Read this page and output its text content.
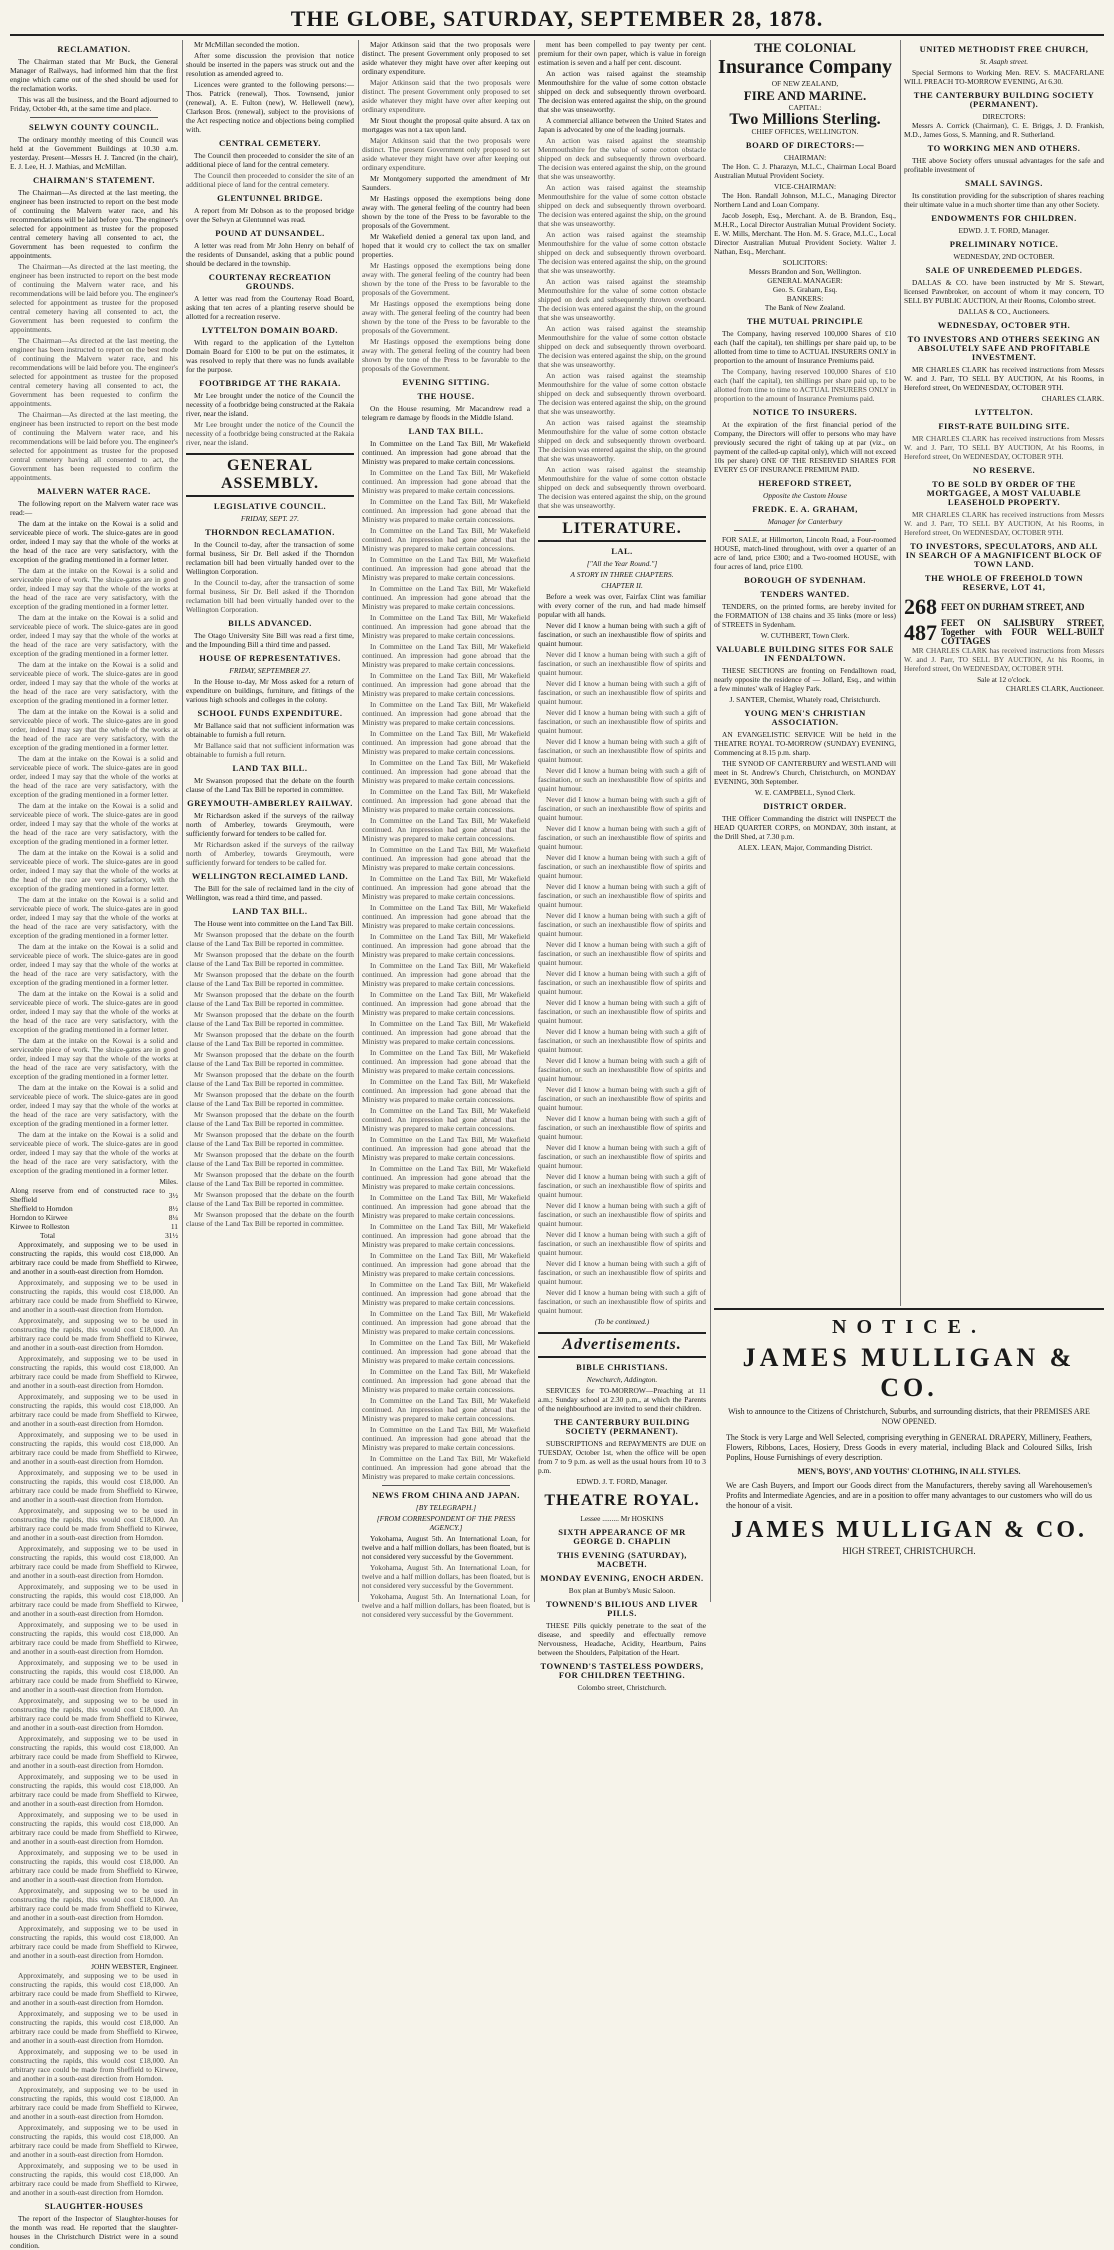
THE GLOBE, SATURDAY, SEPTEMBER 28, 1878.
RECLAMATION.

The Chairman stated that Mr Buck, the General Manager of Railways, had informed him that the first engine which came out of the shed should be used for the reclamation works.

This was all the business, and the Board adjourned to Friday, October 4th, at the same time and place.

SELWYN COUNTY COUNCIL.

The ordinary monthly meeting of this Council was held at the Government Buildings at 10.30 a.m. yesterday. Present—Messrs H. J. Tancred (in the chair), E. J. Lee, H. J. Mathias, and McMillan.

CHAIRMAN'S STATEMENT.

The Chairman—As directed at the last meeting, the engineer has been instructed to report on the best mode of continuing the Malvern water race, and his recommendations will be laid before you. The engineer's selected for appointment as trustee for the proposed central cemetery having all consented to act, the Government has been requested to confirm the appointments.

The Chairman—As directed at the last meeting, the engineer has been instructed to report on the best mode of continuing the Malvern water race, and his recommendations will be laid before you. The engineer's selected for appointment as trustee for the proposed central cemetery having all consented to act, the Government has been requested to confirm the appointments.

The Chairman—As directed at the last meeting, the engineer has been instructed to report on the best mode of continuing the Malvern water race, and his recommendations will be laid before you. The engineer's selected for appointment as trustee for the proposed central cemetery having all consented to act, the Government has been requested to confirm the appointments.

The Chairman—As directed at the last meeting, the engineer has been instructed to report on the best mode of continuing the Malvern water race, and his recommendations will be laid before you. The engineer's selected for appointment as trustee for the proposed central cemetery having all consented to act, the Government has been requested to confirm the appointments.

MALVERN WATER RACE.

The following report on the Malvern water race was read:—

The dam at the intake on the Kowai is a solid and serviceable piece of work. The sluice-gates are in good order, indeed I may say that the whole of the works at the head of the race are very satisfactory, with the exception of the grading mentioned in a former letter.

The dam at the intake on the Kowai is a solid and serviceable piece of work. The sluice-gates are in good order, indeed I may say that the whole of the works at the head of the race are very satisfactory, with the exception of the grading mentioned in a former letter.

The dam at the intake on the Kowai is a solid and serviceable piece of work. The sluice-gates are in good order, indeed I may say that the whole of the works at the head of the race are very satisfactory, with the exception of the grading mentioned in a former letter.

The dam at the intake on the Kowai is a solid and serviceable piece of work. The sluice-gates are in good order, indeed I may say that the whole of the works at the head of the race are very satisfactory, with the exception of the grading mentioned in a former letter.

The dam at the intake on the Kowai is a solid and serviceable piece of work. The sluice-gates are in good order, indeed I may say that the whole of the works at the head of the race are very satisfactory, with the exception of the grading mentioned in a former letter.

The dam at the intake on the Kowai is a solid and serviceable piece of work. The sluice-gates are in good order, indeed I may say that the whole of the works at the head of the race are very satisfactory, with the exception of the grading mentioned in a former letter.

The dam at the intake on the Kowai is a solid and serviceable piece of work. The sluice-gates are in good order, indeed I may say that the whole of the works at the head of the race are very satisfactory, with the exception of the grading mentioned in a former letter.

The dam at the intake on the Kowai is a solid and serviceable piece of work. The sluice-gates are in good order, indeed I may say that the whole of the works at the head of the race are very satisfactory, with the exception of the grading mentioned in a former letter.

The dam at the intake on the Kowai is a solid and serviceable piece of work. The sluice-gates are in good order, indeed I may say that the whole of the works at the head of the race are very satisfactory, with the exception of the grading mentioned in a former letter.

The dam at the intake on the Kowai is a solid and serviceable piece of work. The sluice-gates are in good order, indeed I may say that the whole of the works at the head of the race are very satisfactory, with the exception of the grading mentioned in a former letter.

The dam at the intake on the Kowai is a solid and serviceable piece of work. The sluice-gates are in good order, indeed I may say that the whole of the works at the head of the race are very satisfactory, with the exception of the grading mentioned in a former letter.

The dam at the intake on the Kowai is a solid and serviceable piece of work. The sluice-gates are in good order, indeed I may say that the whole of the works at the head of the race are very satisfactory, with the exception of the grading mentioned in a former letter.

The dam at the intake on the Kowai is a solid and serviceable piece of work. The sluice-gates are in good order, indeed I may say that the whole of the works at the head of the race are very satisfactory, with the exception of the grading mentioned in a former letter.

The dam at the intake on the Kowai is a solid and serviceable piece of work. The sluice-gates are in good order, indeed I may say that the whole of the works at the head of the race are very satisfactory, with the exception of the grading mentioned in a former letter.

Miles.
Along reserve from end of constructed race to Sheffield	3½
Sheffield to Horndon	8½
Horndon to Kirwee	8¼
Kirwee to Rolleston	11
Total	31½

Approximately, and supposing we to be used in constructing the rapids, this would cost £18,000. An arbitrary race could be made from Sheffield to Kirwee, and another in a south-east direction from Horndon.

Approximately, and supposing we to be used in constructing the rapids, this would cost £18,000. An arbitrary race could be made from Sheffield to Kirwee, and another in a south-east direction from Horndon.

Approximately, and supposing we to be used in constructing the rapids, this would cost £18,000. An arbitrary race could be made from Sheffield to Kirwee, and another in a south-east direction from Horndon.

Approximately, and supposing we to be used in constructing the rapids, this would cost £18,000. An arbitrary race could be made from Sheffield to Kirwee, and another in a south-east direction from Horndon.

Approximately, and supposing we to be used in constructing the rapids, this would cost £18,000. An arbitrary race could be made from Sheffield to Kirwee, and another in a south-east direction from Horndon.

Approximately, and supposing we to be used in constructing the rapids, this would cost £18,000. An arbitrary race could be made from Sheffield to Kirwee, and another in a south-east direction from Horndon.

Approximately, and supposing we to be used in constructing the rapids, this would cost £18,000. An arbitrary race could be made from Sheffield to Kirwee, and another in a south-east direction from Horndon.

Approximately, and supposing we to be used in constructing the rapids, this would cost £18,000. An arbitrary race could be made from Sheffield to Kirwee, and another in a south-east direction from Horndon.

Approximately, and supposing we to be used in constructing the rapids, this would cost £18,000. An arbitrary race could be made from Sheffield to Kirwee, and another in a south-east direction from Horndon.

Approximately, and supposing we to be used in constructing the rapids, this would cost £18,000. An arbitrary race could be made from Sheffield to Kirwee, and another in a south-east direction from Horndon.

Approximately, and supposing we to be used in constructing the rapids, this would cost £18,000. An arbitrary race could be made from Sheffield to Kirwee, and another in a south-east direction from Horndon.

Approximately, and supposing we to be used in constructing the rapids, this would cost £18,000. An arbitrary race could be made from Sheffield to Kirwee, and another in a south-east direction from Horndon.

Approximately, and supposing we to be used in constructing the rapids, this would cost £18,000. An arbitrary race could be made from Sheffield to Kirwee, and another in a south-east direction from Horndon.

Approximately, and supposing we to be used in constructing the rapids, this would cost £18,000. An arbitrary race could be made from Sheffield to Kirwee, and another in a south-east direction from Horndon.

Approximately, and supposing we to be used in constructing the rapids, this would cost £18,000. An arbitrary race could be made from Sheffield to Kirwee, and another in a south-east direction from Horndon.

Approximately, and supposing we to be used in constructing the rapids, this would cost £18,000. An arbitrary race could be made from Sheffield to Kirwee, and another in a south-east direction from Horndon.

Approximately, and supposing we to be used in constructing the rapids, this would cost £18,000. An arbitrary race could be made from Sheffield to Kirwee, and another in a south-east direction from Horndon.

Approximately, and supposing we to be used in constructing the rapids, this would cost £18,000. An arbitrary race could be made from Sheffield to Kirwee, and another in a south-east direction from Horndon.

Approximately, and supposing we to be used in constructing the rapids, this would cost £18,000. An arbitrary race could be made from Sheffield to Kirwee, and another in a south-east direction from Horndon.

JOHN WEBSTER, Engineer.

Approximately, and supposing we to be used in constructing the rapids, this would cost £18,000. An arbitrary race could be made from Sheffield to Kirwee, and another in a south-east direction from Horndon.

Approximately, and supposing we to be used in constructing the rapids, this would cost £18,000. An arbitrary race could be made from Sheffield to Kirwee, and another in a south-east direction from Horndon.

Approximately, and supposing we to be used in constructing the rapids, this would cost £18,000. An arbitrary race could be made from Sheffield to Kirwee, and another in a south-east direction from Horndon.

Approximately, and supposing we to be used in constructing the rapids, this would cost £18,000. An arbitrary race could be made from Sheffield to Kirwee, and another in a south-east direction from Horndon.

Approximately, and supposing we to be used in constructing the rapids, this would cost £18,000. An arbitrary race could be made from Sheffield to Kirwee, and another in a south-east direction from Horndon.

Approximately, and supposing we to be used in constructing the rapids, this would cost £18,000. An arbitrary race could be made from Sheffield to Kirwee, and another in a south-east direction from Horndon.

SLAUGHTER-HOUSES

The report of the Inspector of Slaughter-houses for the month was read. He reported that the slaughter-houses in the Christchurch District were in a sound condition.

Mr McMillan seconded the motion.

After some discussion the provision that notice should be inserted in the papers was struck out and the resolution as amended agreed to.

Licences were granted to the following persons:—Thos. Patrick (renewal), Thos. Townsend, junior (renewal), A. E. Fulton (new), W. Hellewell (new), Clarkson Bros. (renewal), subject to the provisions of the Act respecting notice and objections being complied with.

CENTRAL CEMETERY.

The Council then proceeded to consider the site of an additional piece of land for the central cemetery.

The Council then proceeded to consider the site of an additional piece of land for the central cemetery.

GLENTUNNEL BRIDGE.

A report from Mr Dobson as to the proposed bridge over the Selwyn at Glentunnel was read.

POUND AT DUNSANDEL.

A letter was read from Mr John Henry on behalf of the residents of Dunsandel, asking that a public pound should be declared in the township.

COURTENAY RECREATION GROUNDS.

A letter was read from the Courtenay Road Board, asking that ten acres of a planting reserve should be allotted for a recreation reserve.

LYTTELTON DOMAIN BOARD.

With regard to the application of the Lyttelton Domain Board for £100 to be put on the estimates, it was resolved to reply that there was no funds available for the purpose.

FOOTBRIDGE AT THE RAKAIA.

Mr Lee brought under the notice of the Council the necessity of a footbridge being constructed at the Rakaia river, near the island.

Mr Lee brought under the notice of the Council the necessity of a footbridge being constructed at the Rakaia river, near the island.

GENERAL ASSEMBLY.
LEGISLATIVE COUNCIL.
FRIDAY, SEPT. 27.
THORNDON RECLAMATION.

In the Council to-day, after the transaction of some formal business, Sir Dr. Bell asked if the Thorndon reclamation bill had been virtually handed over to the Wellington Corporation.

In the Council to-day, after the transaction of some formal business, Sir Dr. Bell asked if the Thorndon reclamation bill had been virtually handed over to the Wellington Corporation.

BILLS ADVANCED.

The Otago University Site Bill was read a first time, and the Impounding Bill a third time and passed.

HOUSE OF REPRESENTATIVES.
FRIDAY, SEPTEMBER 27.

In the House to-day, Mr Moss asked for a return of expenditure on buildings, furniture, and fittings of the various high schools and colleges in the colony.

SCHOOL FUNDS EXPENDITURE.

Mr Ballance said that not sufficient information was obtainable to furnish a full return.

Mr Ballance said that not sufficient information was obtainable to furnish a full return.

LAND TAX BILL.

Mr Swanson proposed that the debate on the fourth clause of the Land Tax Bill be reported in committee.

GREYMOUTH-AMBERLEY RAILWAY.

Mr Richardson asked if the surveys of the railway north of Amberley, towards Greymouth, were sufficiently forward for tenders to be called for.

Mr Richardson asked if the surveys of the railway north of Amberley, towards Greymouth, were sufficiently forward for tenders to be called for.

WELLINGTON RECLAIMED LAND.

The Bill for the sale of reclaimed land in the city of Wellington, was read a third time, and passed.

LAND TAX BILL.

The House went into committee on the Land Tax Bill.

Mr Swanson proposed that the debate on the fourth clause of the Land Tax Bill be reported in committee.

Mr Swanson proposed that the debate on the fourth clause of the Land Tax Bill be reported in committee.

Mr Swanson proposed that the debate on the fourth clause of the Land Tax Bill be reported in committee.

Mr Swanson proposed that the debate on the fourth clause of the Land Tax Bill be reported in committee.

Mr Swanson proposed that the debate on the fourth clause of the Land Tax Bill be reported in committee.

Mr Swanson proposed that the debate on the fourth clause of the Land Tax Bill be reported in committee.

Mr Swanson proposed that the debate on the fourth clause of the Land Tax Bill be reported in committee.

Mr Swanson proposed that the debate on the fourth clause of the Land Tax Bill be reported in committee.

Mr Swanson proposed that the debate on the fourth clause of the Land Tax Bill be reported in committee.

Mr Swanson proposed that the debate on the fourth clause of the Land Tax Bill be reported in committee.

Mr Swanson proposed that the debate on the fourth clause of the Land Tax Bill be reported in committee.

Mr Swanson proposed that the debate on the fourth clause of the Land Tax Bill be reported in committee.

Mr Swanson proposed that the debate on the fourth clause of the Land Tax Bill be reported in committee.

Mr Swanson proposed that the debate on the fourth clause of the Land Tax Bill be reported in committee.

Mr Swanson proposed that the debate on the fourth clause of the Land Tax Bill be reported in committee.

Major Atkinson said that the two proposals were distinct. The present Government only proposed to set aside whatever they might have over after keeping out ordinary expenditure.

Major Atkinson said that the two proposals were distinct. The present Government only proposed to set aside whatever they might have over after keeping out ordinary expenditure.

Mr Stout thought the proposal quite absurd. A tax on mortgages was not a tax upon land.

Major Atkinson said that the two proposals were distinct. The present Government only proposed to set aside whatever they might have over after keeping out ordinary expenditure.

Mr Montgomery supported the amendment of Mr Saunders.

Mr Hastings opposed the exemptions being done away with. The general feeling of the country had been shown by the tone of the Press to be favorable to the proposals of the Government.

Mr Wakefield denied a general tax upon land, and hoped that it would cry to collect the tax on smaller properties.

Mr Hastings opposed the exemptions being done away with. The general feeling of the country had been shown by the tone of the Press to be favorable to the proposals of the Government.

Mr Hastings opposed the exemptions being done away with. The general feeling of the country had been shown by the tone of the Press to be favorable to the proposals of the Government.

Mr Hastings opposed the exemptions being done away with. The general feeling of the country had been shown by the tone of the Press to be favorable to the proposals of the Government.

EVENING SITTING.
THE HOUSE.

On the House resuming, Mr Macandrew read a telegram re damage by floods in the Middle Island.

LAND TAX BILL.

In Committee on the Land Tax Bill, Mr Wakefield continued. An impression had gone abroad that the Ministry was prepared to make certain concessions.

In Committee on the Land Tax Bill, Mr Wakefield continued. An impression had gone abroad that the Ministry was prepared to make certain concessions.

In Committee on the Land Tax Bill, Mr Wakefield continued. An impression had gone abroad that the Ministry was prepared to make certain concessions.

In Committee on the Land Tax Bill, Mr Wakefield continued. An impression had gone abroad that the Ministry was prepared to make certain concessions.

In Committee on the Land Tax Bill, Mr Wakefield continued. An impression had gone abroad that the Ministry was prepared to make certain concessions.

In Committee on the Land Tax Bill, Mr Wakefield continued. An impression had gone abroad that the Ministry was prepared to make certain concessions.

In Committee on the Land Tax Bill, Mr Wakefield continued. An impression had gone abroad that the Ministry was prepared to make certain concessions.

In Committee on the Land Tax Bill, Mr Wakefield continued. An impression had gone abroad that the Ministry was prepared to make certain concessions.

In Committee on the Land Tax Bill, Mr Wakefield continued. An impression had gone abroad that the Ministry was prepared to make certain concessions.

In Committee on the Land Tax Bill, Mr Wakefield continued. An impression had gone abroad that the Ministry was prepared to make certain concessions.

In Committee on the Land Tax Bill, Mr Wakefield continued. An impression had gone abroad that the Ministry was prepared to make certain concessions.

In Committee on the Land Tax Bill, Mr Wakefield continued. An impression had gone abroad that the Ministry was prepared to make certain concessions.

In Committee on the Land Tax Bill, Mr Wakefield continued. An impression had gone abroad that the Ministry was prepared to make certain concessions.

In Committee on the Land Tax Bill, Mr Wakefield continued. An impression had gone abroad that the Ministry was prepared to make certain concessions.

In Committee on the Land Tax Bill, Mr Wakefield continued. An impression had gone abroad that the Ministry was prepared to make certain concessions.

In Committee on the Land Tax Bill, Mr Wakefield continued. An impression had gone abroad that the Ministry was prepared to make certain concessions.

In Committee on the Land Tax Bill, Mr Wakefield continued. An impression had gone abroad that the Ministry was prepared to make certain concessions.

In Committee on the Land Tax Bill, Mr Wakefield continued. An impression had gone abroad that the Ministry was prepared to make certain concessions.

In Committee on the Land Tax Bill, Mr Wakefield continued. An impression had gone abroad that the Ministry was prepared to make certain concessions.

In Committee on the Land Tax Bill, Mr Wakefield continued. An impression had gone abroad that the Ministry was prepared to make certain concessions.

In Committee on the Land Tax Bill, Mr Wakefield continued. An impression had gone abroad that the Ministry was prepared to make certain concessions.

In Committee on the Land Tax Bill, Mr Wakefield continued. An impression had gone abroad that the Ministry was prepared to make certain concessions.

In Committee on the Land Tax Bill, Mr Wakefield continued. An impression had gone abroad that the Ministry was prepared to make certain concessions.

In Committee on the Land Tax Bill, Mr Wakefield continued. An impression had gone abroad that the Ministry was prepared to make certain concessions.

In Committee on the Land Tax Bill, Mr Wakefield continued. An impression had gone abroad that the Ministry was prepared to make certain concessions.

In Committee on the Land Tax Bill, Mr Wakefield continued. An impression had gone abroad that the Ministry was prepared to make certain concessions.

In Committee on the Land Tax Bill, Mr Wakefield continued. An impression had gone abroad that the Ministry was prepared to make certain concessions.

In Committee on the Land Tax Bill, Mr Wakefield continued. An impression had gone abroad that the Ministry was prepared to make certain concessions.

In Committee on the Land Tax Bill, Mr Wakefield continued. An impression had gone abroad that the Ministry was prepared to make certain concessions.

In Committee on the Land Tax Bill, Mr Wakefield continued. An impression had gone abroad that the Ministry was prepared to make certain concessions.

In Committee on the Land Tax Bill, Mr Wakefield continued. An impression had gone abroad that the Ministry was prepared to make certain concessions.

In Committee on the Land Tax Bill, Mr Wakefield continued. An impression had gone abroad that the Ministry was prepared to make certain concessions.

In Committee on the Land Tax Bill, Mr Wakefield continued. An impression had gone abroad that the Ministry was prepared to make certain concessions.

In Committee on the Land Tax Bill, Mr Wakefield continued. An impression had gone abroad that the Ministry was prepared to make certain concessions.

In Committee on the Land Tax Bill, Mr Wakefield continued. An impression had gone abroad that the Ministry was prepared to make certain concessions.

In Committee on the Land Tax Bill, Mr Wakefield continued. An impression had gone abroad that the Ministry was prepared to make certain concessions.

NEWS FROM CHINA AND JAPAN.
[BY TELEGRAPH.]
[FROM CORRESPONDENT OF THE PRESS AGENCY.]

Yokohama, August 5th. An International Loan, for twelve and a half million dollars, has been floated, but is not considered very successful by the Government.

Yokohama, August 5th. An International Loan, for twelve and a half million dollars, has been floated, but is not considered very successful by the Government.

Yokohama, August 5th. An International Loan, for twelve and a half million dollars, has been floated, but is not considered very successful by the Government.

ment has been compelled to pay twenty per cent. premium for their own paper, which is value in foreign estimation is seven and a half per cent. discount.

An action was raised against the steamship Menmouthshire for the value of some cotton obstacle shipped on deck and subsequently thrown overboard. The decision was entered against the ship, on the ground that she was unseaworthy.

A commercial alliance between the United States and Japan is advocated by one of the leading journals.

An action was raised against the steamship Menmouthshire for the value of some cotton obstacle shipped on deck and subsequently thrown overboard. The decision was entered against the ship, on the ground that she was unseaworthy.

An action was raised against the steamship Menmouthshire for the value of some cotton obstacle shipped on deck and subsequently thrown overboard. The decision was entered against the ship, on the ground that she was unseaworthy.

An action was raised against the steamship Menmouthshire for the value of some cotton obstacle shipped on deck and subsequently thrown overboard. The decision was entered against the ship, on the ground that she was unseaworthy.

An action was raised against the steamship Menmouthshire for the value of some cotton obstacle shipped on deck and subsequently thrown overboard. The decision was entered against the ship, on the ground that she was unseaworthy.

An action was raised against the steamship Menmouthshire for the value of some cotton obstacle shipped on deck and subsequently thrown overboard. The decision was entered against the ship, on the ground that she was unseaworthy.

An action was raised against the steamship Menmouthshire for the value of some cotton obstacle shipped on deck and subsequently thrown overboard. The decision was entered against the ship, on the ground that she was unseaworthy.

An action was raised against the steamship Menmouthshire for the value of some cotton obstacle shipped on deck and subsequently thrown overboard. The decision was entered against the ship, on the ground that she was unseaworthy.

An action was raised against the steamship Menmouthshire for the value of some cotton obstacle shipped on deck and subsequently thrown overboard. The decision was entered against the ship, on the ground that she was unseaworthy.

LITERATURE.
LAL.
["All the Year Round."]
A STORY IN THREE CHAPTERS.
CHAPTER II.

Before a week was over, Fairfax Clint was familiar with every corner of the run, and had made himself popular with all hands.

Never did I know a human being with such a gift of fascination, or such an inexhaustible flow of spirits and quaint humour.

Never did I know a human being with such a gift of fascination, or such an inexhaustible flow of spirits and quaint humour.

Never did I know a human being with such a gift of fascination, or such an inexhaustible flow of spirits and quaint humour.

Never did I know a human being with such a gift of fascination, or such an inexhaustible flow of spirits and quaint humour.

Never did I know a human being with such a gift of fascination, or such an inexhaustible flow of spirits and quaint humour.

Never did I know a human being with such a gift of fascination, or such an inexhaustible flow of spirits and quaint humour.

Never did I know a human being with such a gift of fascination, or such an inexhaustible flow of spirits and quaint humour.

Never did I know a human being with such a gift of fascination, or such an inexhaustible flow of spirits and quaint humour.

Never did I know a human being with such a gift of fascination, or such an inexhaustible flow of spirits and quaint humour.

Never did I know a human being with such a gift of fascination, or such an inexhaustible flow of spirits and quaint humour.

Never did I know a human being with such a gift of fascination, or such an inexhaustible flow of spirits and quaint humour.

Never did I know a human being with such a gift of fascination, or such an inexhaustible flow of spirits and quaint humour.

Never did I know a human being with such a gift of fascination, or such an inexhaustible flow of spirits and quaint humour.

Never did I know a human being with such a gift of fascination, or such an inexhaustible flow of spirits and quaint humour.

Never did I know a human being with such a gift of fascination, or such an inexhaustible flow of spirits and quaint humour.

Never did I know a human being with such a gift of fascination, or such an inexhaustible flow of spirits and quaint humour.

Never did I know a human being with such a gift of fascination, or such an inexhaustible flow of spirits and quaint humour.

Never did I know a human being with such a gift of fascination, or such an inexhaustible flow of spirits and quaint humour.

Never did I know a human being with such a gift of fascination, or such an inexhaustible flow of spirits and quaint humour.

Never did I know a human being with such a gift of fascination, or such an inexhaustible flow of spirits and quaint humour.

Never did I know a human being with such a gift of fascination, or such an inexhaustible flow of spirits and quaint humour.

Never did I know a human being with such a gift of fascination, or such an inexhaustible flow of spirits and quaint humour.

Never did I know a human being with such a gift of fascination, or such an inexhaustible flow of spirits and quaint humour.

Never did I know a human being with such a gift of fascination, or such an inexhaustible flow of spirits and quaint humour.

(To be continued.)
Advertisements.
BIBLE CHRISTIANS.
Newchurch, Addington.

SERVICES for TO-MORROW—Preaching at 11 a.m.; Sunday school at 2.30 p.m., at which the Parents of the neighbourhood are invited to send their children.

THE CANTERBURY BUILDING SOCIETY (PERMANENT).

SUBSCRIPTIONS and REPAYMENTS are DUE on TUESDAY, October 1st, when the office will be open from 7 to 9 p.m. as well as the usual hours from 10 to 3 p.m.

EDWD. J. T. FORD, Manager.
THEATRE ROYAL.
Lessee ......... Mr HOSKINS
SIXTH APPEARANCE OF MR GEORGE D. CHAPLIN
THIS EVENING (SATURDAY), MACBETH.
MONDAY EVENING, ENOCH ARDEN.
Box plan at Bumby's Music Saloon.
TOWNEND'S BILIOUS AND LIVER PILLS.

THESE Pills quickly penetrate to the seat of the disease, and speedily and effectually remove Nervousness, Headache, Acidity, Heartburn, Pains between the Shoulders, Palpitation of the Heart.

TOWNEND'S TASTELESS POWDERS, FOR CHILDREN TEETHING.
Colombo street, Christchurch.
THE COLONIAL
Insurance Company
OF NEW ZEALAND,
FIRE AND MARINE.
CAPITAL:
Two Millions Sterling.
CHIEF OFFICES, WELLINGTON.
BOARD OF DIRECTORS:—
CHAIRMAN:

The Hon. C. J. Pharazyn, M.L.C., Chairman Local Board Australian Mutual Provident Society.

VICE-CHAIRMAN:

The Hon. Randall Johnson, M.L.C., Managing Director Northern Land and Loan Company.

Jacob Joseph, Esq., Merchant. A. de B. Brandon, Esq., M.H.R., Local Director Australian Mutual Provident Society. E. W. Mills, Merchant. The Hon. M. S. Grace, M.L.C., Local Director Australian Mutual Provident Society. Walter J. Nathan, Esq., Merchant.

SOLICITORS:
Messrs Brandon and Son, Wellington.
GENERAL MANAGER:
Geo. S. Graham, Esq.
BANKERS:
The Bank of New Zealand.
THE MUTUAL PRINCIPLE

The Company, having reserved 100,000 Shares of £10 each (half the capital), ten shillings per share paid up, to be allotted from time to time to ACTUAL INSURERS ONLY in proportion to the amount of Insurance Premiums paid.

The Company, having reserved 100,000 Shares of £10 each (half the capital), ten shillings per share paid up, to be allotted from time to time to ACTUAL INSURERS ONLY in proportion to the amount of Insurance Premiums paid.

NOTICE TO INSURERS.

At the expiration of the first financial period of the Company, the Directors will offer to persons who may have previously secured the right of taking up at par (viz., on payment of the called-up capital only), which will not exceed 10s per share) ONE OF THE RESERVED SHARES FOR EVERY £5 OF INSURANCE PREMIUM PAID.

HEREFORD STREET,
Opposite the Custom House
FREDK. E. A. GRAHAM,
Manager for Canterbury

FOR SALE, at Hillmorton, Lincoln Road, a Four-roomed HOUSE, match-lined throughout, with over a quarter of an acre of land, price £300; and a Two-roomed HOUSE, with four acres of land, price £100.

BOROUGH OF SYDENHAM.
TENDERS WANTED.

TENDERS, on the printed forms, are hereby invited for the FORMATION of 138 chains and 35 links (more or less) of STREETS in Sydenham.

W. CUTHBERT, Town Clerk.
VALUABLE BUILDING SITES FOR SALE IN FENDALTOWN.

THESE SECTIONS are fronting on Fendalltown road, nearly opposite the residence of — Jollard, Esq., and within a few minutes' walk of Hagley Park.

J. SANTER, Chemist, Whately road, Christchurch.
YOUNG MEN'S CHRISTIAN ASSOCIATION.

AN EVANGELISTIC SERVICE Will be held in the THEATRE ROYAL TO-MORROW (SUNDAY) EVENING, Commencing at 8.15 p.m. sharp.

THE SYNOD OF CANTERBURY and WESTLAND will meet in St. Andrew's Church, Christchurch, on MONDAY EVENING, 30th September.

W. E. CAMPBELL, Synod Clerk.
DISTRICT ORDER.

THE Officer Commanding the district will INSPECT the HEAD QUARTER CORPS, on MONDAY, 30th instant, at the Drill Shed, at 7.30 p.m.

ALEX. LEAN, Major, Commanding District.
UNITED METHODIST FREE CHURCH,
St. Asaph street.

Special Sermons to Working Men. REV. S. MACFARLANE WILL PREACH TO-MORROW EVENING, At 6.30.

THE CANTERBURY BUILDING SOCIETY (PERMANENT).
DIRECTORS:

Messrs A. Corrick (Chairman), C. E. Briggs, J. D. Frankish, M.D., James Goss, S. Manning, and R. Sutherland.

TO WORKING MEN AND OTHERS.

THE above Society offers unusual advantages for the safe and profitable investment of

SMALL SAVINGS.

Its constitution providing for the subscription of shares reaching their ultimate value in a much shorter time than any other Society.

ENDOWMENTS FOR CHILDREN.
EDWD. J. T. FORD, Manager.
PRELIMINARY NOTICE.
WEDNESDAY, 2ND OCTOBER.
SALE OF UNREDEEMED PLEDGES.

DALLAS & CO. have been instructed by Mr S. Stewart, licensed Pawnbroker, on account of whom it may concern, TO SELL BY PUBLIC AUCTION, At their Rooms, Colombo street.

DALLAS & CO., Auctioneers.
WEDNESDAY, OCTOBER 9TH.
TO INVESTORS AND OTHERS SEEKING AN ABSOLUTELY SAFE AND PROFITABLE INVESTMENT.

MR CHARLES CLARK has received instructions from Messrs W. and J. Parr, TO SELL BY AUCTION, At his Rooms, in Hereford street, On WEDNESDAY, OCTOBER 9TH.

CHARLES CLARK.
LYTTELTON.
FIRST-RATE BUILDING SITE.

MR CHARLES CLARK has received instructions from Messrs W. and J. Parr, TO SELL BY AUCTION, At his Rooms, in Hereford street, On WEDNESDAY, OCTOBER 9TH.

NO RESERVE.
TO BE SOLD BY ORDER OF THE MORTGAGEE, A MOST VALUABLE LEASEHOLD PROPERTY.

MR CHARLES CLARK has received instructions from Messrs W. and J. Parr, TO SELL BY AUCTION, At his Rooms, in Hereford street, On WEDNESDAY, OCTOBER 9TH.

TO INVESTORS, SPECULATORS, AND ALL IN SEARCH OF A MAGNIFICENT BLOCK OF TOWN LAND.
THE WHOLE OF FREEHOLD TOWN RESERVE, LOT 41,
268 FEET ON DURHAM STREET, AND
487 FEET ON SALISBURY STREET, Together with FOUR WELL-BUILT COTTAGES

MR CHARLES CLARK has received instructions from Messrs W. and J. Parr, TO SELL BY AUCTION, At his Rooms, in Hereford street, On WEDNESDAY, OCTOBER 9TH.

Sale at 12 o'clock.
CHARLES CLARK, Auctioneer.
NOTICE.
JAMES MULLIGAN & CO.
Wish to announce to the Citizens of Christchurch, Suburbs, and surrounding districts, that their PREMISES ARE NOW OPENED.
The Stock is very Large and Well Selected, comprising everything in GENERAL DRAPERY, Millinery, Feathers, Flowers, Ribbons, Laces, Hosiery, Dress Goods in every material, including Black and Coloured Silks, Irish Poplins, House Furnishings of every description.
MEN'S, BOYS', AND YOUTHS' CLOTHING, IN ALL STYLES.
We are Cash Buyers, and Import our Goods direct from the Manufacturers, thereby saving all Warehousemen's Profits and Intermediate Agencies, and are in a position to offer many advantages to our customers who will do us the honour of a visit.
JAMES MULLIGAN & CO.
HIGH STREET, CHRISTCHURCH.
